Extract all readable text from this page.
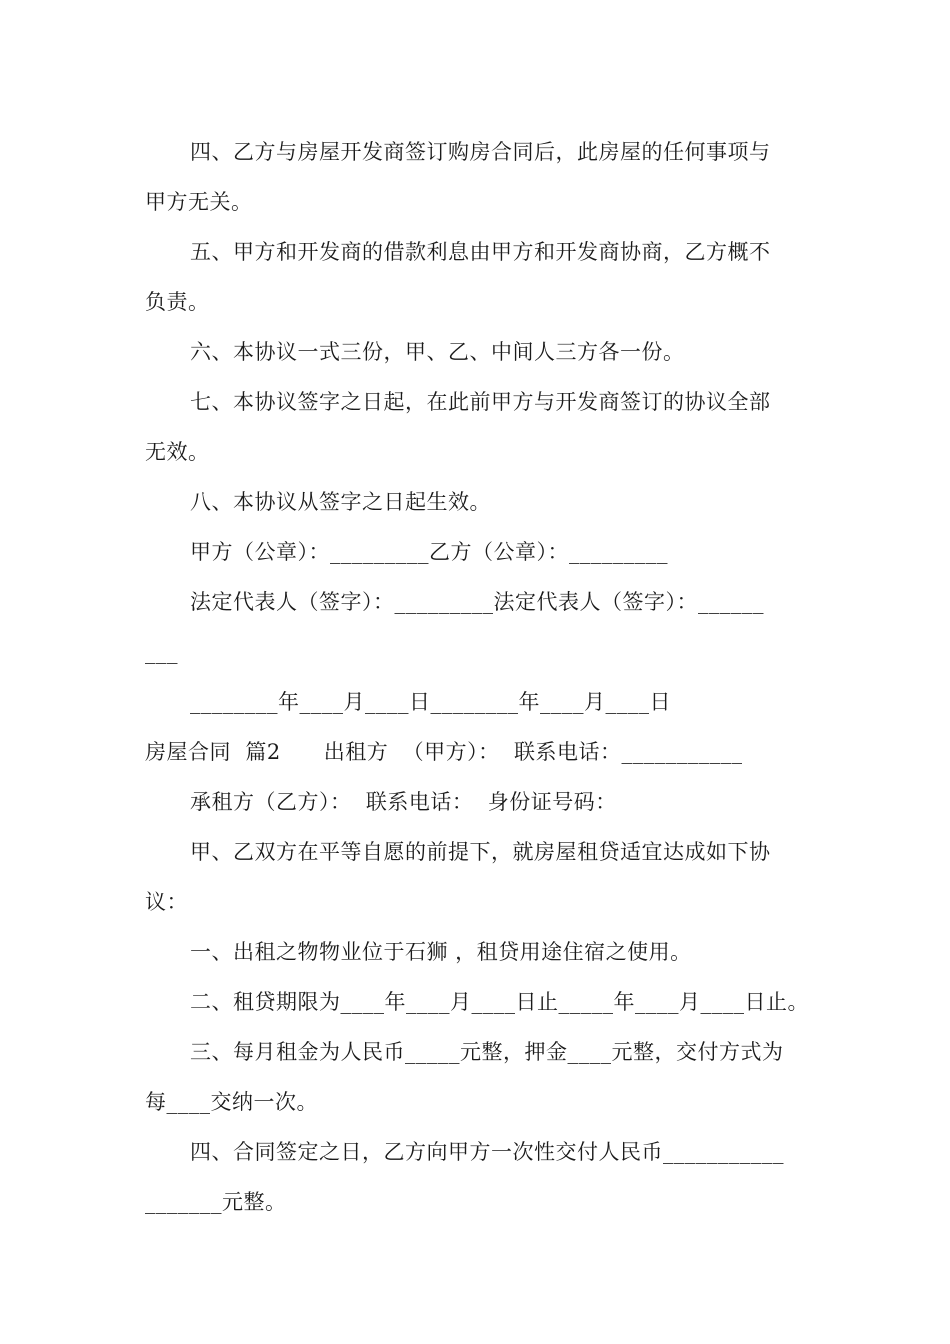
四、乙方与房屋开发商签订购房合同后，此房屋的任何事项与
甲方无关。
五、甲方和开发商的借款利息由甲方和开发商协商，乙方概不
负责。
六、本协议一式三份，甲、乙、中间人三方各一份。
七、本协议签字之日起，在此前甲方与开发商签订的协议全部
无效。
八、本协议从签字之日起生效。
甲方（公章）：_________乙方（公章）：_________
法定代表人（签字）：_________法定代表人（签字）：______
___
________年____月____日________年____月____日
房屋合同  篇2      出租方  （甲方）：  联系电话：___________
承租方（乙方）：  联系电话：  身份证号码：
甲、乙双方在平等自愿的前提下，就房屋租贷适宜达成如下协
议：
一、出租之物物业位于石狮 ，租贷用途住宿之使用。
二、租贷期限为____年____月____日止_____年____月____日止。
三、每月租金为人民币_____元整，押金____元整，交付方式为
每____交纳一次。
四、合同签定之日，乙方向甲方一次性交付人民币___________
_______元整。
